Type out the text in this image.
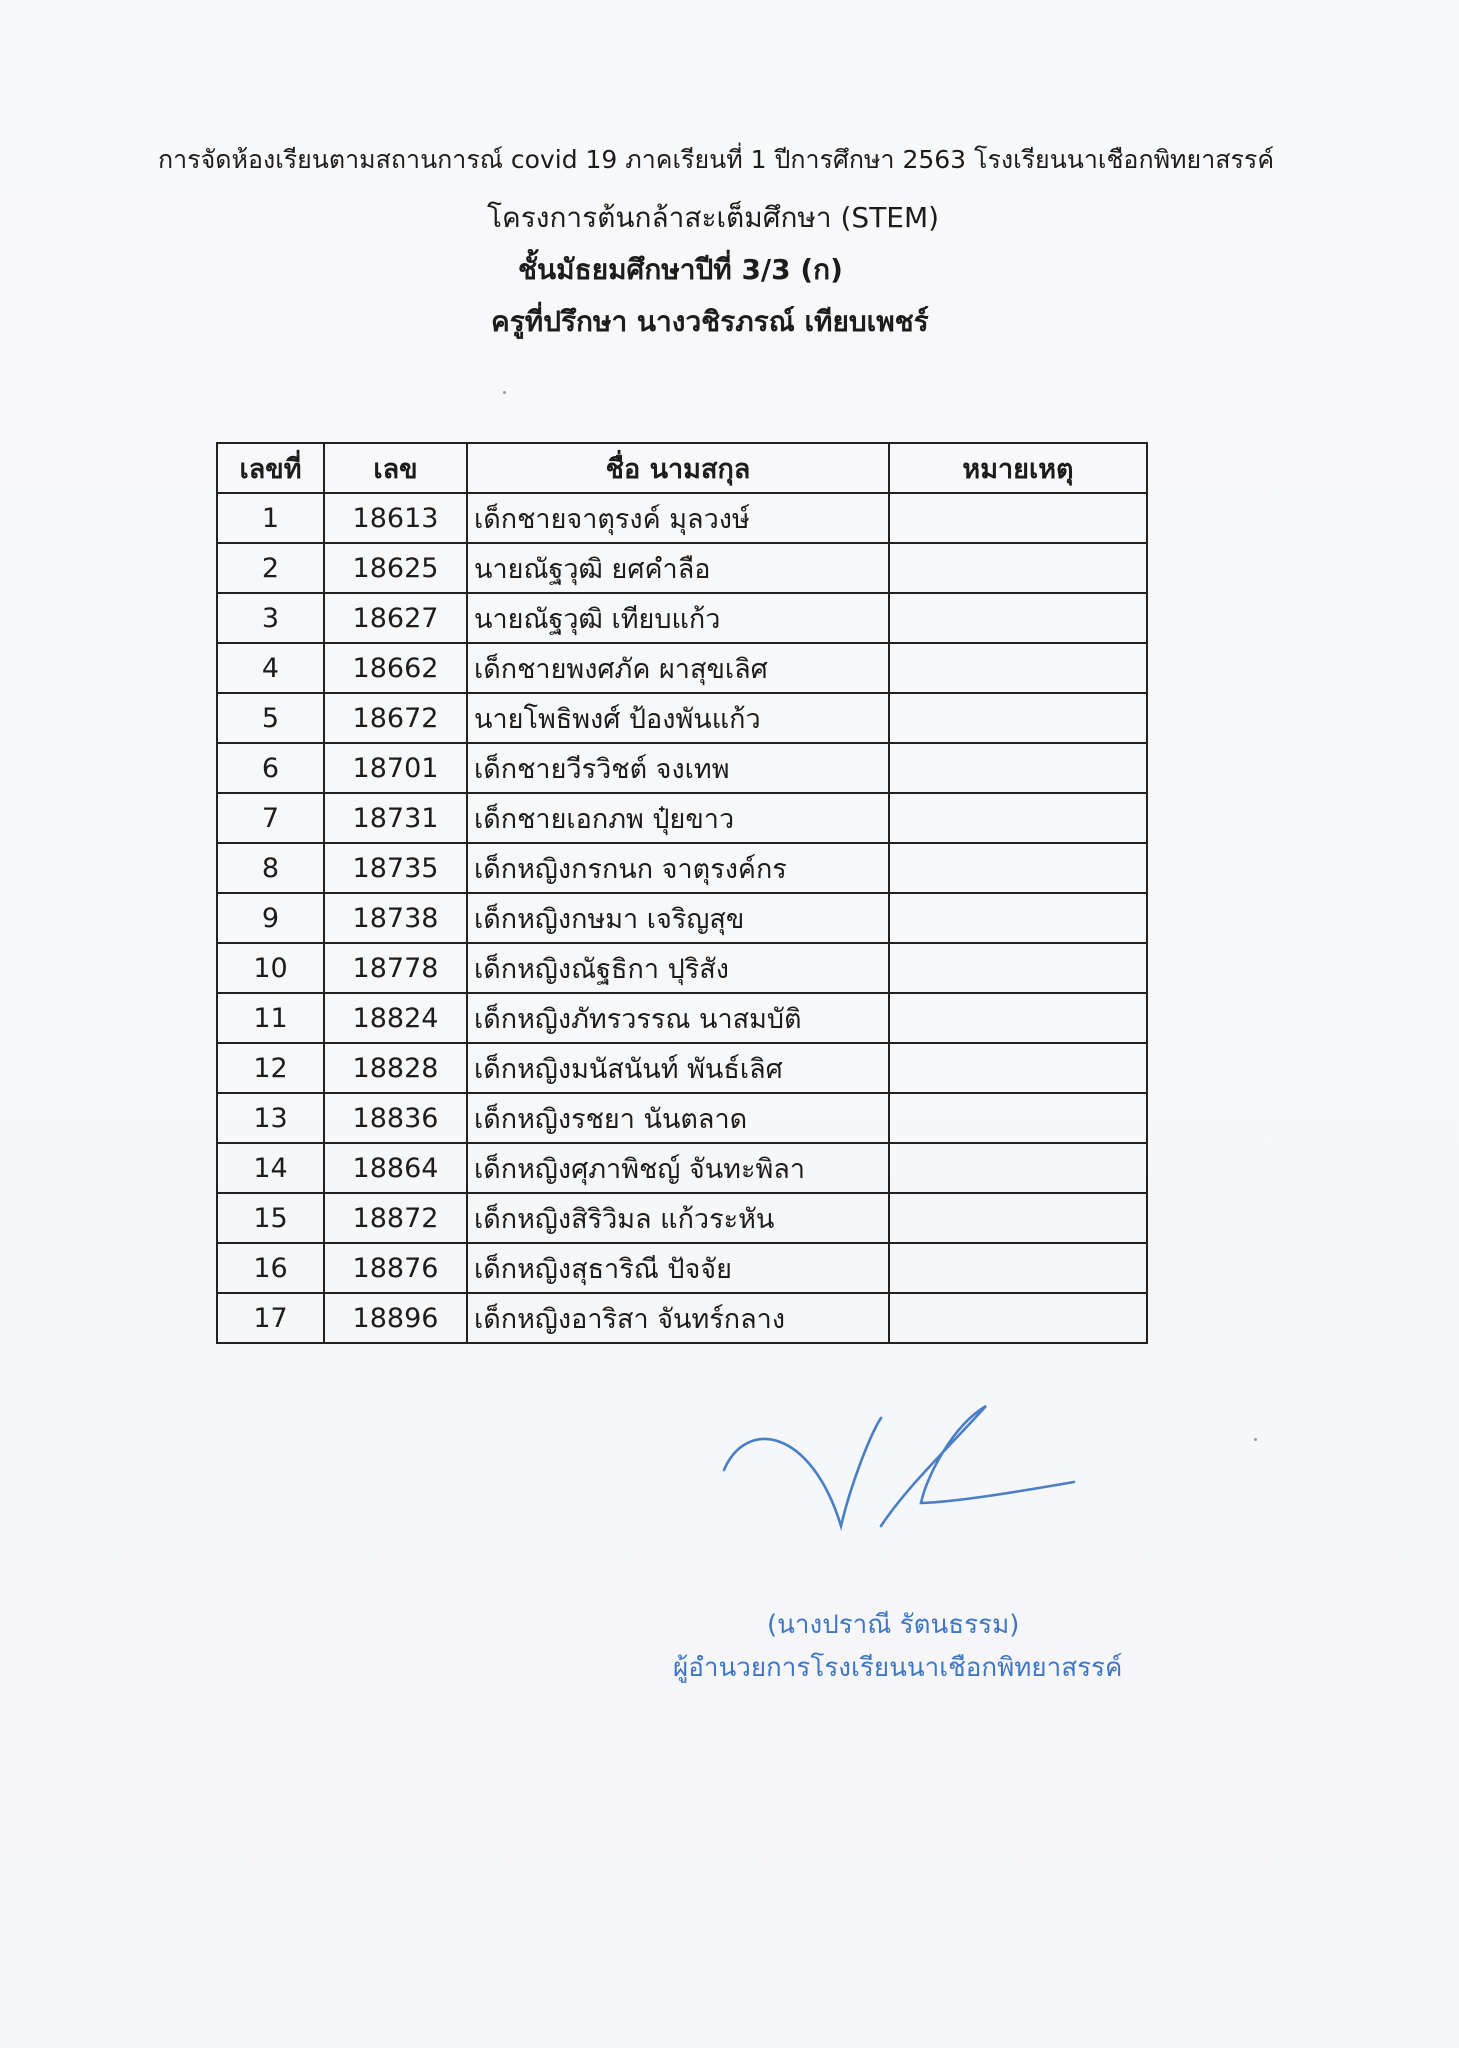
การจัดห้องเรียนตามสถานการณ์ covid 19 ภาคเรียนที่ 1 ปีการศึกษา 2563 โรงเรียนนาเชือกพิทยาสรรค์
โครงการต้นกล้าสะเต็มศึกษา (STEM)
ชั้นมัธยมศึกษาปีที่ 3/3 (ก)
ครูที่ปรึกษา นางวชิรภรณ์ เทียบเพชร์
เลขที่	เลข	ชื่อ นามสกุล	หมายเหตุ
1	18613	เด็กชายจาตุรงค์ มุลวงษ์	
2	18625	นายณัฐวุฒิ ยศคำลือ	
3	18627	นายณัฐวุฒิ เทียบแก้ว	
4	18662	เด็กชายพงศภัค ผาสุขเลิศ	
5	18672	นายโพธิพงศ์ ป้องพันแก้ว	
6	18701	เด็กชายวีรวิชต์ จงเทพ	
7	18731	เด็กชายเอกภพ ปุ๋ยขาว	
8	18735	เด็กหญิงกรกนก จาตุรงค์กร	
9	18738	เด็กหญิงกษมา เจริญสุข	
10	18778	เด็กหญิงณัฐธิกา ปุริสัง	
11	18824	เด็กหญิงภัทรวรรณ นาสมบัติ	
12	18828	เด็กหญิงมนัสนันท์ พันธ์เลิศ	
13	18836	เด็กหญิงรชยา นันตลาด	
14	18864	เด็กหญิงศุภาพิชญ์ จันทะพิลา	
15	18872	เด็กหญิงสิริวิมล แก้วระหัน	
16	18876	เด็กหญิงสุธาริณี ปัจจัย	
17	18896	เด็กหญิงอาริสา จันทร์กลาง	
(นางปราณี รัตนธรรม)
ผู้อำนวยการโรงเรียนนาเชือกพิทยาสรรค์
